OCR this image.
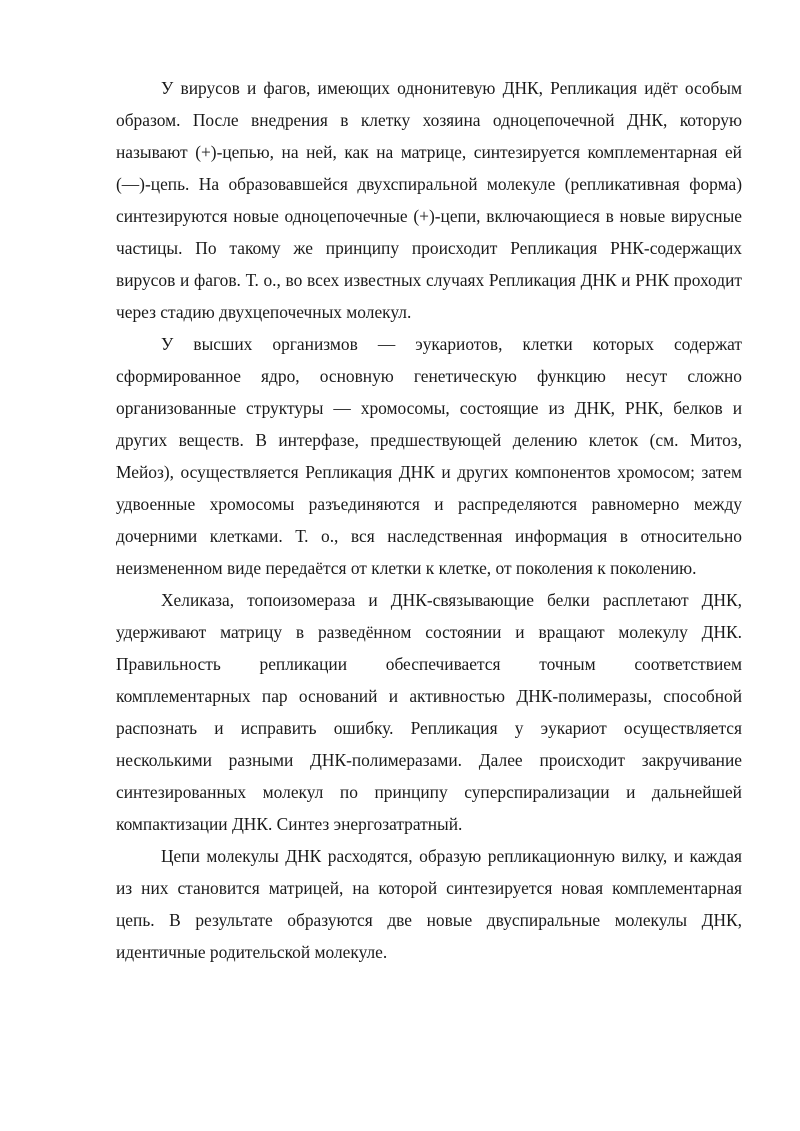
У вирусов и фагов, имеющих однонитевую ДНК, Репликация идёт особым образом. После внедрения в клетку хозяина одноцепочечной ДНК, которую называют (+)-цепью, на ней, как на матрице, синтезируется комплементарная ей (—)-цепь. На образовавшейся двухспиральной молекуле (репликативная форма) синтезируются новые одноцепочечные (+)-цепи, включающиеся в новые вирусные частицы. По такому же принципу происходит Репликация РНК-содержащих вирусов и фагов. Т. о., во всех известных случаях Репликация ДНК и РНК проходит через стадию двухцепочечных молекул.

У высших организмов — эукариотов, клетки которых содержат сформированное ядро, основную генетическую функцию несут сложно организованные структуры — хромосомы, состоящие из ДНК, РНК, белков и других веществ. В интерфазе, предшествующей делению клеток (см. Митоз, Мейоз), осуществляется Репликация ДНК и других компонентов хромосом; затем удвоенные хромосомы разъединяются и распределяются равномерно между дочерними клетками. Т. о., вся наследственная информация в относительно неизмененном виде передаётся от клетки к клетке, от поколения к поколению.

Хеликаза, топоизомераза и ДНК-связывающие белки расплетают ДНК, удерживают матрицу в разведённом состоянии и вращают молекулу ДНК. Правильность репликации обеспечивается точным соответствием комплементарных пар оснований и активностью ДНК-полимеразы, способной распознать и исправить ошибку. Репликация у эукариот осуществляется несколькими разными ДНК-полимеразами. Далее происходит закручивание синтезированных молекул по принципу суперспирализации и дальнейшей компактизации ДНК. Синтез энергозатратный.

Цепи молекулы ДНК расходятся, образую репликационную вилку, и каждая из них становится матрицей, на которой синтезируется новая комплементарная цепь. В результате образуются две новые двуспиральные молекулы ДНК, идентичные родительской молекуле.
